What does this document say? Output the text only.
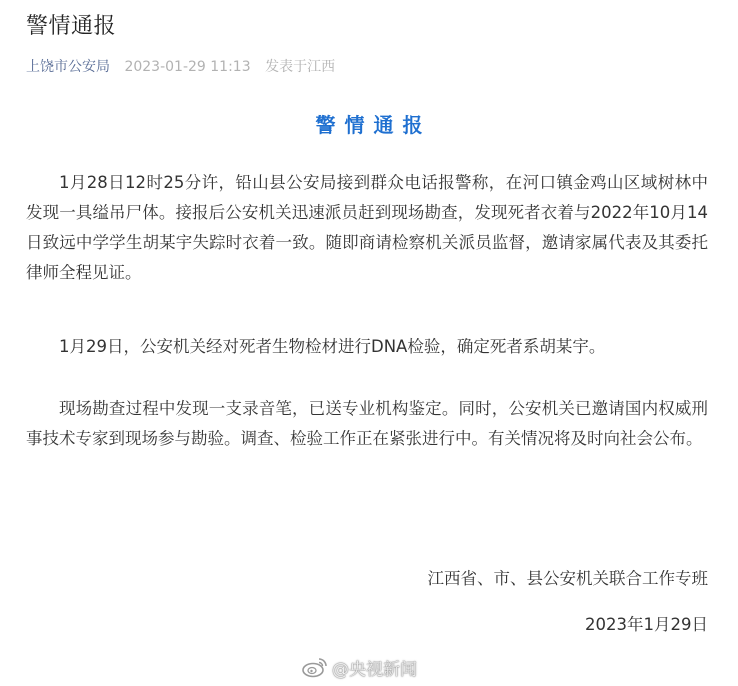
警情通报
上饶市公安局 2023-01-29 11:13 发表于江西
警情通报

1月28日12时25分许，铅山县公安局接到群众电话报警称，在河口镇金鸡山区域树林中发现一具缢吊尸体。接报后公安机关迅速派员赶到现场勘查，发现死者衣着与2022年10月14日致远中学学生胡某宇失踪时衣着一致。随即商请检察机关派员监督，邀请家属代表及其委托律师全程见证。

1月29日，公安机关经对死者生物检材进行DNA检验，确定死者系胡某宇。

现场勘查过程中发现一支录音笔，已送专业机构鉴定。同时，公安机关已邀请国内权威刑事技术专家到现场参与勘验。调查、检验工作正在紧张进行中。有关情况将及时向社会公布。

江西省、市、县公安机关联合工作专班
2023年1月29日
@央视新闻
